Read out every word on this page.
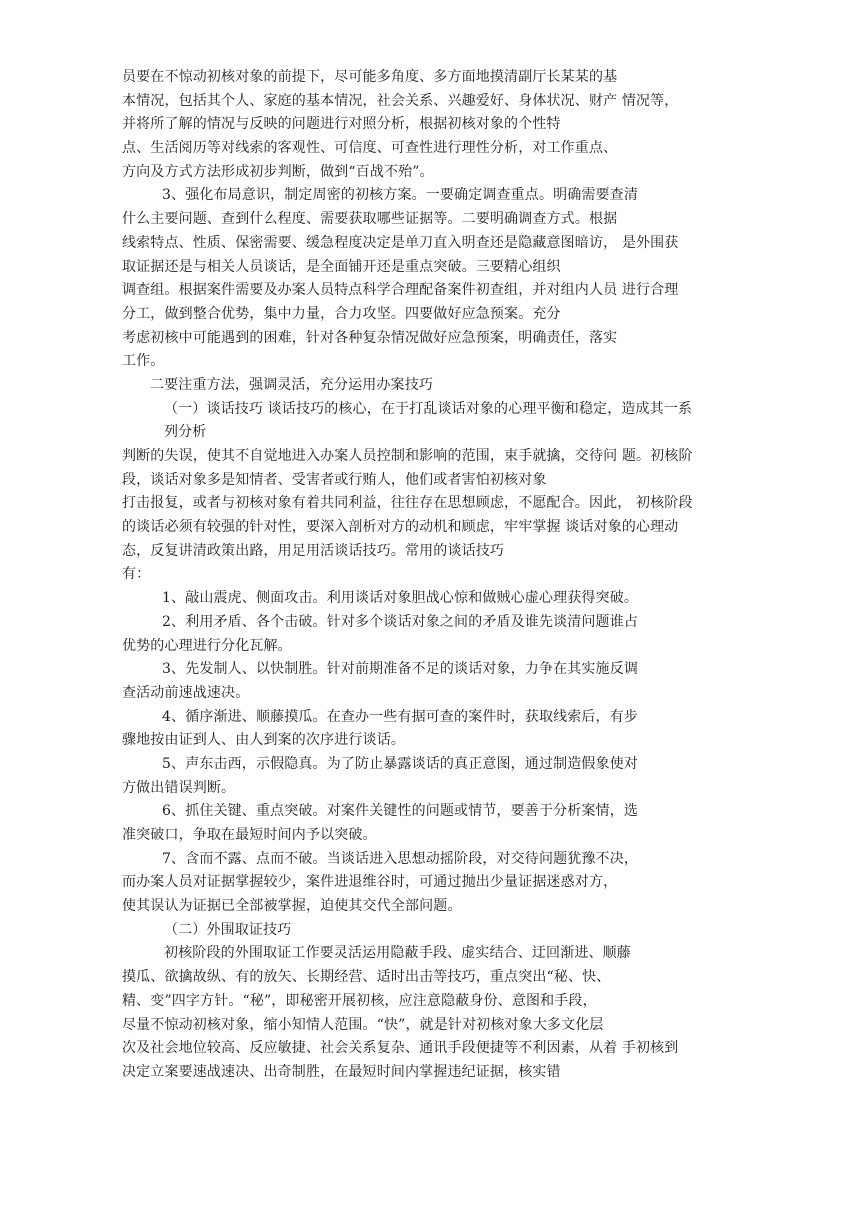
员要在不惊动初核对象的前提下，尽可能多角度、多方面地摸清副厅长某某的基
本情况，包括其个人、家庭的基本情况，社会关系、兴趣爱好、身体状况、财产 情况等，
并将所了解的情况与反映的问题进行对照分析，根据初核对象的个性特
点、生活阅历等对线索的客观性、可信度、可查性进行理性分析，对工作重点、
方向及方式方法形成初步判断，做到“百战不殆”。
3、强化布局意识，制定周密的初核方案。一要确定调查重点。明确需要查清
什么主要问题、查到什么程度、需要获取哪些证据等。二要明确调查方式。根据
线索特点、性质、保密需要、缓急程度决定是单刀直入明查还是隐藏意图暗访， 是外围获
取证据还是与相关人员谈话，是全面铺开还是重点突破。三要精心组织
调查组。根据案件需要及办案人员特点科学合理配备案件初查组，并对组内人员 进行合理
分工，做到整合优势，集中力量，合力攻坚。四要做好应急预案。充分
考虑初核中可能遇到的困难，针对各种复杂情况做好应急预案，明确责任，落实
工作。
二要注重方法，强调灵活，充分运用办案技巧
（一）谈话技巧 谈话技巧的核心，在于打乱谈话对象的心理平衡和稳定，造成其一系
列分析
判断的失误，使其不自觉地进入办案人员控制和影响的范围，束手就擒，交待问 题。初核阶
段，谈话对象多是知情者、受害者或行贿人，他们或者害怕初核对象
打击报复，或者与初核对象有着共同利益，往往存在思想顾虑，不愿配合。因此， 初核阶段
的谈话必须有较强的针对性，要深入剖析对方的动机和顾虑，牢牢掌握 谈话对象的心理动
态，反复讲清政策出路，用足用活谈话技巧。常用的谈话技巧
有：
1、敲山震虎、侧面攻击。利用谈话对象胆战心惊和做贼心虚心理获得突破。
2、利用矛盾、各个击破。针对多个谈话对象之间的矛盾及谁先谈清问题谁占
优势的心理进行分化瓦解。
3、先发制人、以快制胜。针对前期准备不足的谈话对象，力争在其实施反调
查活动前速战速决。
4、循序渐进、顺藤摸瓜。在查办一些有据可查的案件时，获取线索后，有步
骤地按由证到人、由人到案的次序进行谈话。
5、声东击西，示假隐真。为了防止暴露谈话的真正意图，通过制造假象使对
方做出错误判断。
6、抓住关键、重点突破。对案件关键性的问题或情节，要善于分析案情，选
准突破口，争取在最短时间内予以突破。
7、含而不露、点而不破。当谈话进入思想动摇阶段，对交待问题犹豫不决，
而办案人员对证据掌握较少，案件进退维谷时，可通过抛出少量证据迷惑对方，
使其误认为证据已全部被掌握，迫使其交代全部问题。
（二）外围取证技巧
初核阶段的外围取证工作要灵活运用隐蔽手段、虚实结合、迂回渐进、顺藤
摸瓜、欲擒故纵、有的放矢、长期经营、适时出击等技巧，重点突出“秘、快、
精、变”四字方针。“秘”，即秘密开展初核，应注意隐蔽身份、意图和手段，
尽量不惊动初核对象，缩小知情人范围。“快”，就是针对初核对象大多文化层
次及社会地位较高、反应敏捷、社会关系复杂、通讯手段便捷等不利因素，从着 手初核到
决定立案要速战速决、出奇制胜，在最短时间内掌握违纪证据，核实错
